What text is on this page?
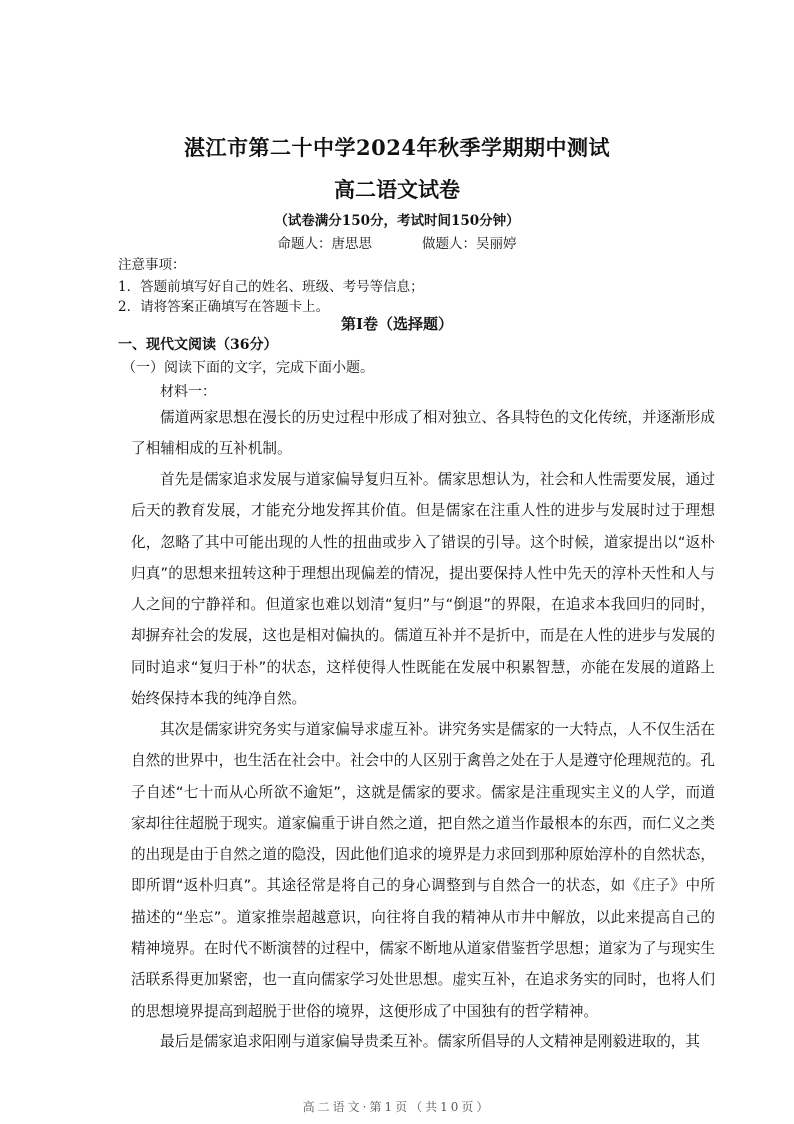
湛江市第二十中学2024年秋季学期期中测试
高二语文试卷
（试卷满分150分，考试时间150分钟）
命题人：唐思思	做题人：吴丽婷
注意事项：
1．答题前填写好自己的姓名、班级、考号等信息；
2．请将答案正确填写在答题卡上。
第Ⅰ卷（选择题）
一、现代文阅读（36分）
（一）阅读下面的文字，完成下面小题。
材料一：

儒道两家思想在漫长的历史过程中形成了相对独立、各具特色的文化传统，并逐渐形成了相辅相成的互补机制。

首先是儒家追求发展与道家偏导复归互补。儒家思想认为，社会和人性需要发展，通过后天的教育发展，才能充分地发挥其价值。但是儒家在注重人性的进步与发展时过于理想化，忽略了其中可能出现的人性的扭曲或步入了错误的引导。这个时候，道家提出以“返朴归真”的思想来扭转这种于理想出现偏差的情况，提出要保持人性中先天的淳朴天性和人与人之间的宁静祥和。但道家也难以划清“复归”与“倒退”的界限，在追求本我回归的同时，却摒弃社会的发展，这也是相对偏执的。儒道互补并不是折中，而是在人性的进步与发展的同时追求“复归于朴”的状态，这样使得人性既能在发展中积累智慧，亦能在发展的道路上始终保持本我的纯净自然。

其次是儒家讲究务实与道家偏导求虚互补。讲究务实是儒家的一大特点，人不仅生活在自然的世界中，也生活在社会中。社会中的人区别于禽兽之处在于人是遵守伦理规范的。孔子自述“七十而从心所欲不逾矩”，这就是儒家的要求。儒家是注重现实主义的人学，而道家却往往超脱于现实。道家偏重于讲自然之道，把自然之道当作最根本的东西，而仁义之类的出现是由于自然之道的隐没，因此他们追求的境界是力求回到那种原始淳朴的自然状态，即所谓“返朴归真”。其途径常是将自己的身心调整到与自然合一的状态，如《庄子》中所描述的“坐忘”。道家推崇超越意识，向往将自我的精神从市井中解放，以此来提高自己的精神境界。在时代不断演替的过程中，儒家不断地从道家借鉴哲学思想；道家为了与现实生活联系得更加紧密，也一直向儒家学习处世思想。虚实互补，在追求务实的同时，也将人们的思想境界提高到超脱于世俗的境界，这便形成了中国独有的哲学精神。

最后是儒家追求阳刚与道家偏导贵柔互补。儒家所倡导的人文精神是刚毅进取的，其

高二语文·第1页（共10页）
